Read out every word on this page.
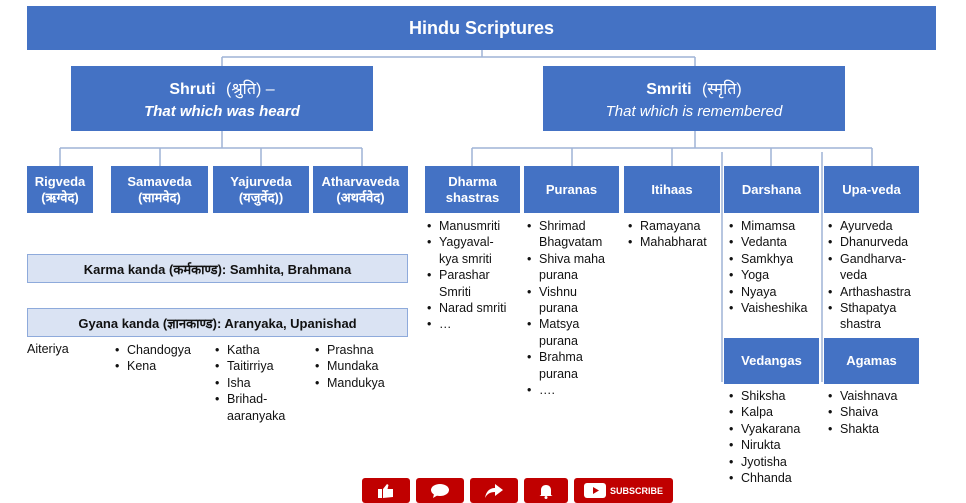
Hindu Scriptures
Shruti (श्रुति) –
That which was heard
Smriti (स्मृति)
That which is remembered
Rigveda
(ऋग्वेद)
Samaveda
(सामवेद)
Yajurveda
(यजुर्वेद))
Atharvaveda
(अथर्ववेद)
Karma kanda (कर्मकाण्ड): Samhita, Brahmana
Gyana kanda (ज्ञानकाण्ड): Aranyaka, Upanishad
Aiteriya
•	Chandogya
• Kena
• Katha
• Taitirriya
• Isha
• Brihad-
aaranyaka
• Prashna
• Mundaka
• Mandukya
Dharma
shastras
Puranas	Itihaas	Darshana	Upa-veda
• Manusmriti
• Yagyaval-
kya smriti
• Parashar
Smriti
• Narad smriti
• …
• Shrimad
Bhagvatam
• Shiva maha
purana
• Vishnu
purana
• Matsya
purana
• Brahma
purana
• ….
• Ramayana
• Mahabharat
• Mimamsa
• Vedanta
• Samkhya
• Yoga
• Nyaya
• Vaisheshika
• Ayurveda
• Dhanurveda
• Gandharva-
veda
• Arthashastra
• Sthapatya
shastra
Vedangas	Agamas
• Shiksha
• Kalpa
• Vyakarana
• Nirukta
• Jyotisha
• Chhanda
• Vaishnava
• Shaiva
• Shakta
SUBSCRIBE
